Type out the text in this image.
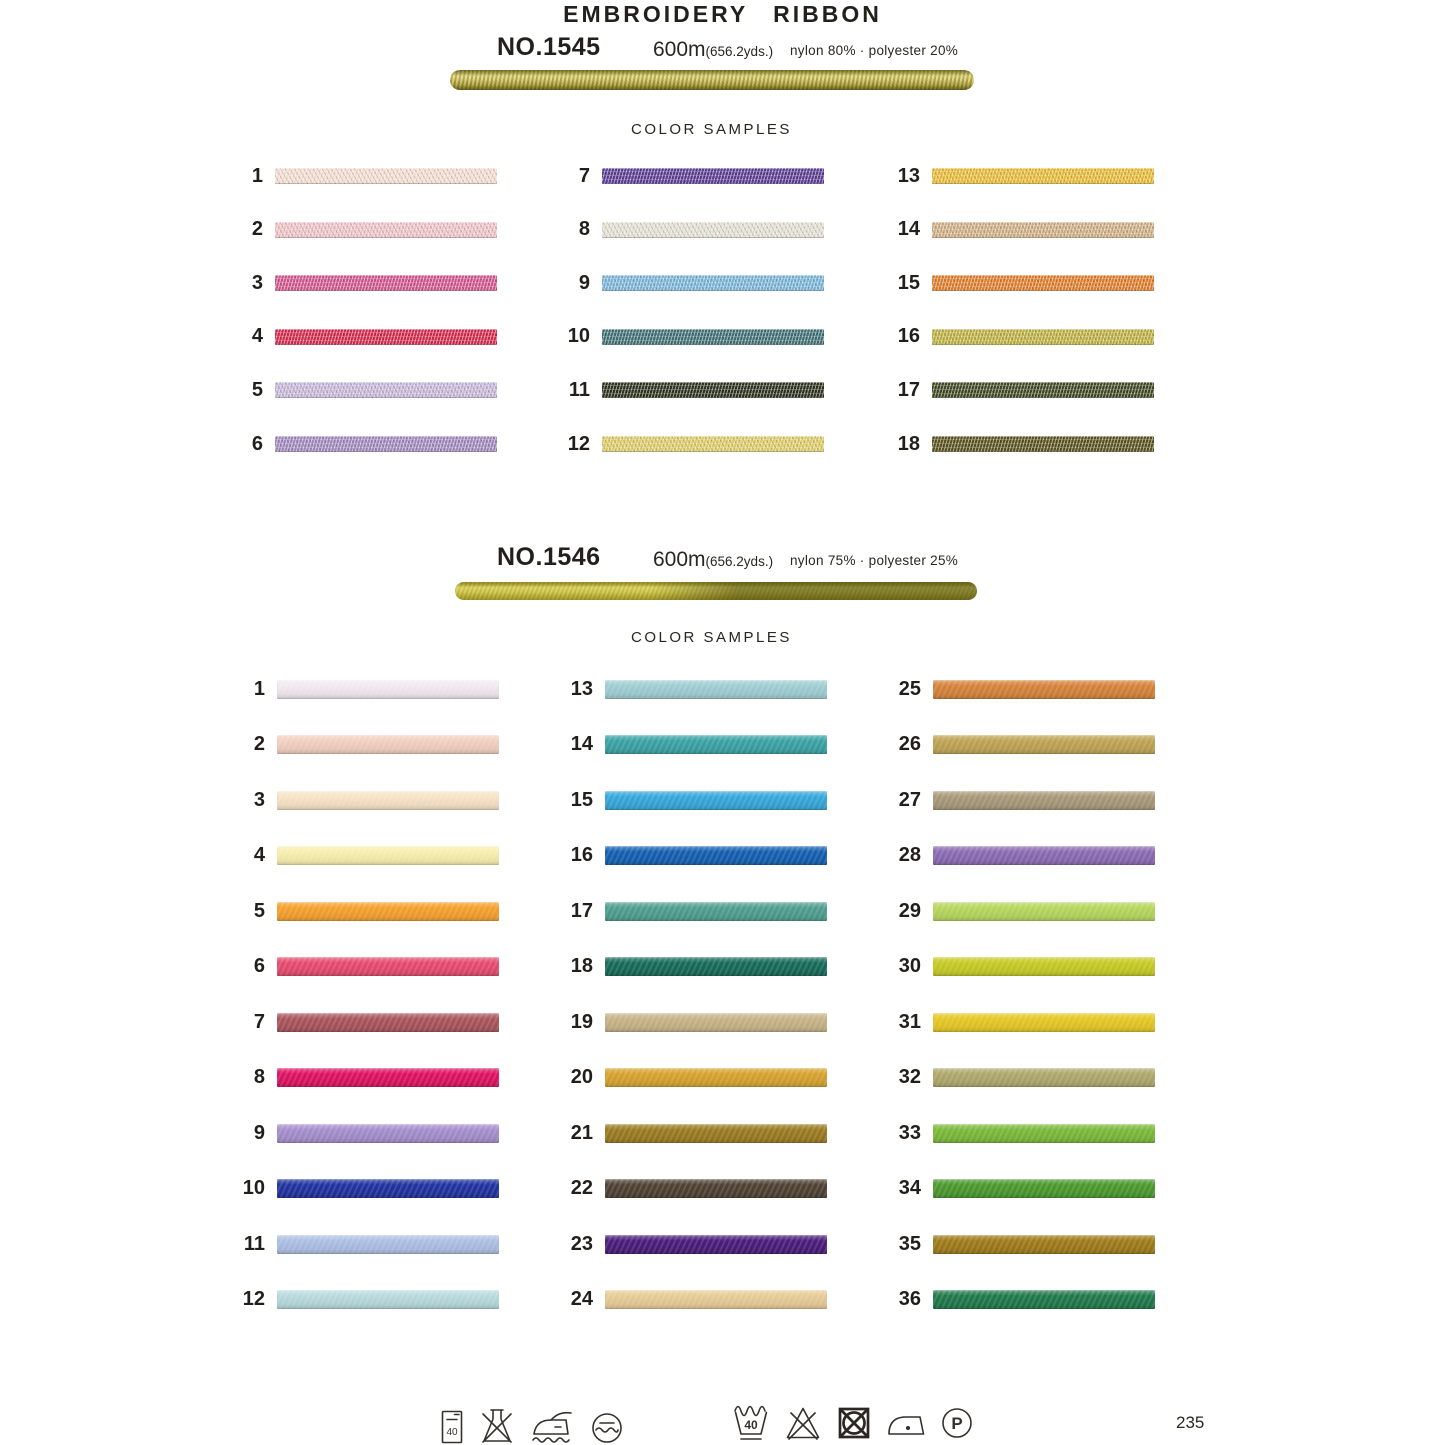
EMBROIDERY RIBBON
NO.1545 600m(656.2yds.) nylon 80% · polyester 20%
COLOR SAMPLES
1
2
3
4
5
6
7
8
9
10
11
12
13
14
15
16
17
18
NO.1546 600m(656.2yds.) nylon 75% · polyester 25%
COLOR SAMPLES
1
2
3
4
5
6
7
8
9
10
11
12
13
14
15
16
17
18
19
20
21
22
23
24
25
26
27
28
29
30
31
32
33
34
35
36
40
40	P	235
